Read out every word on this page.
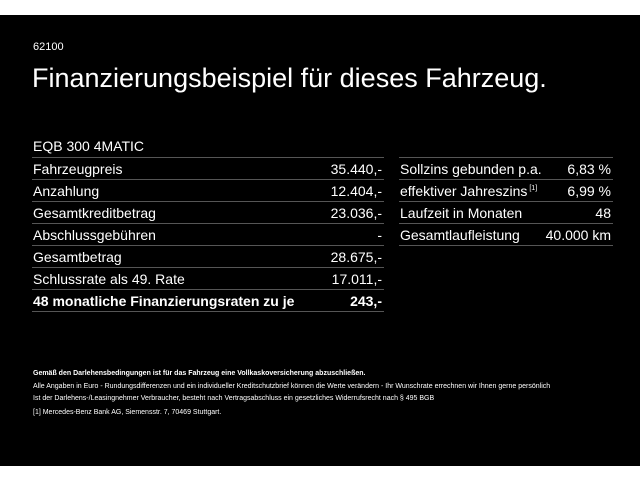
62100
Finanzierungsbeispiel für dieses Fahrzeug.
EQB 300 4MATIC
Fahrzeugpreis	35.440,-
Anzahlung	12.404,-
Gesamtkreditbetrag	23.036,-
Abschlussgebühren	-
Gesamtbetrag	28.675,-
Schlussrate als 49. Rate	17.011,-
48 monatliche Finanzierungsraten zu je	243,-
Sollzins gebunden p.a. 6,83 %
effektiver Jahreszins [1] 6,99 %
Laufzeit in Monaten	48
Gesamtlaufleistung 40.000 km
Gemäß den Darlehensbedingungen ist für das Fahrzeug eine Vollkaskoversicherung abzuschließen.
Alle Angaben in Euro - Rundungsdifferenzen und ein individueller Kreditschutzbrief können die Werte verändern - Ihr Wunschrate errechnen wir Ihnen gerne persönlich
Ist der Darlehens-/Leasingnehmer Verbraucher, besteht nach Vertragsabschluss ein gesetzliches Widerrufsrecht nach § 495 BGB
[1] Mercedes-Benz Bank AG, Siemensstr. 7, 70469 Stuttgart.
